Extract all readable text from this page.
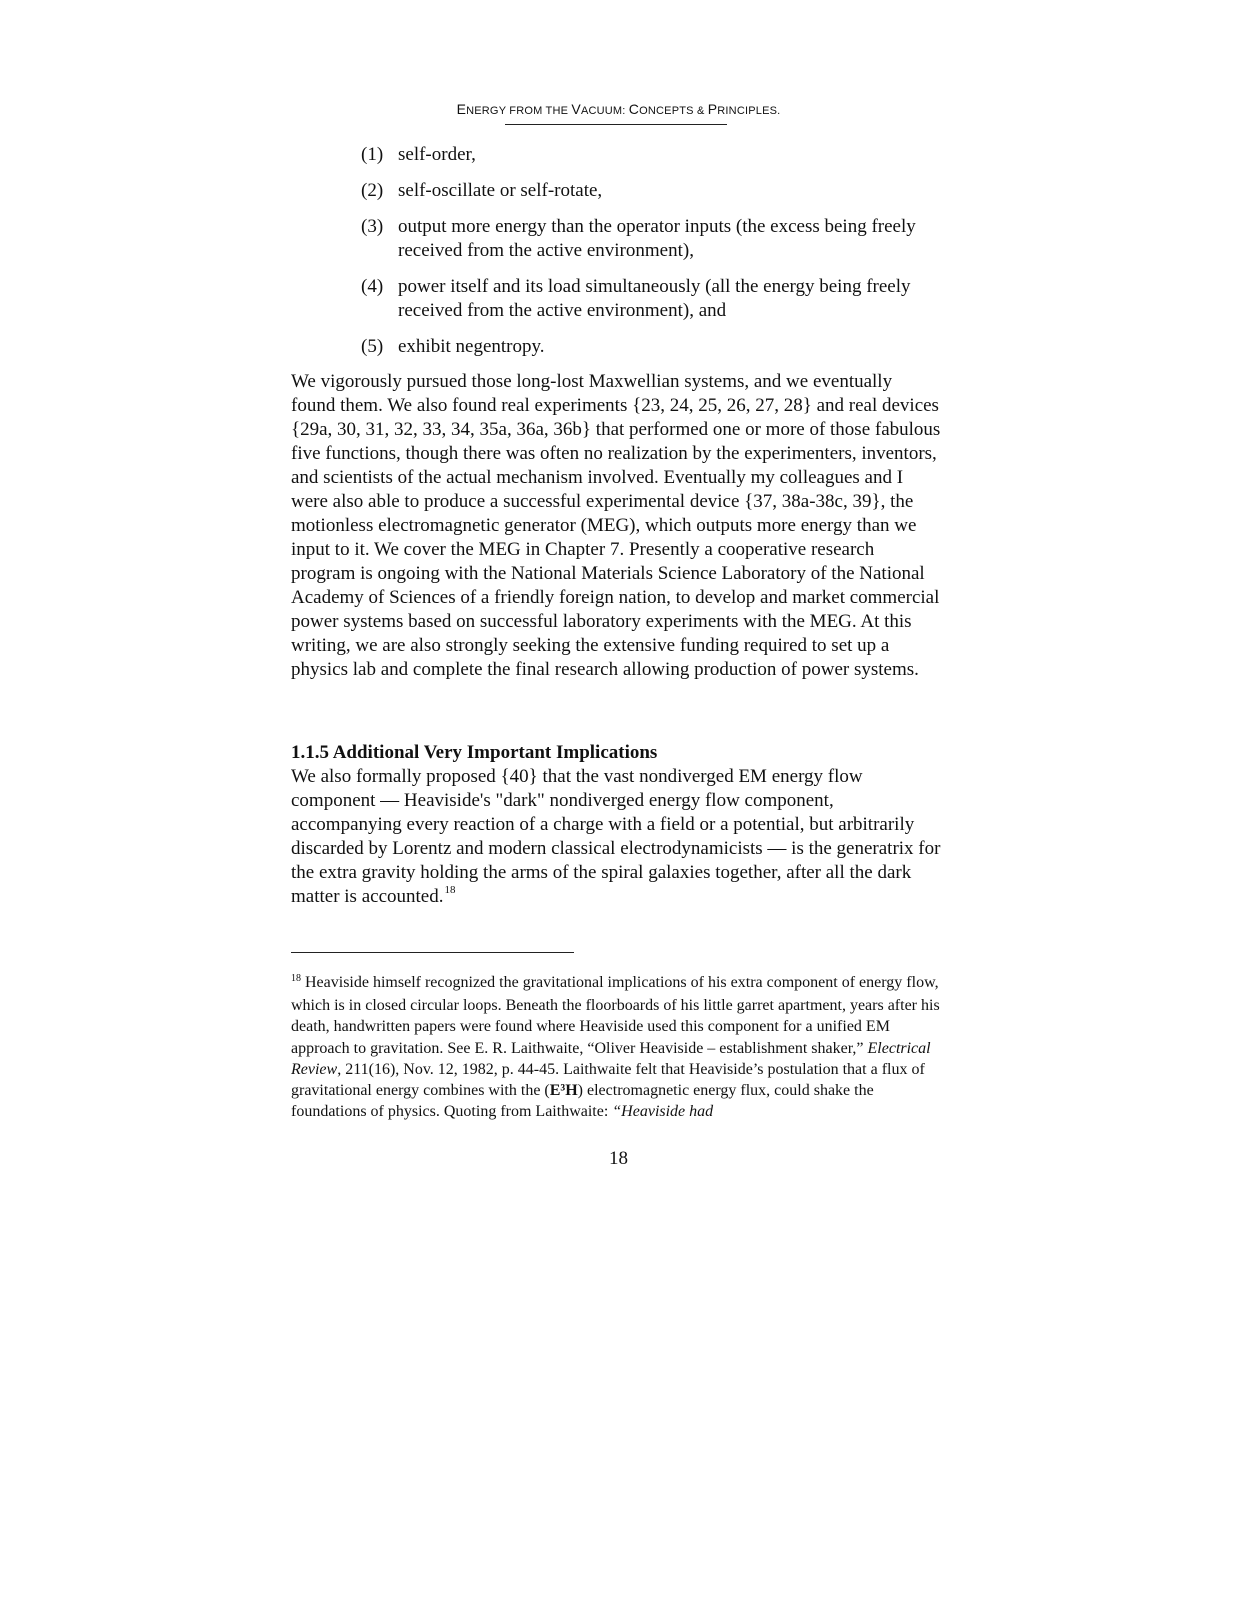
ENERGY FROM THE VACUUM: CONCEPTS & PRINCIPLES.
(1) self-order,
(2) self-oscillate or self-rotate,
(3) output more energy than the operator inputs (the excess being freely received from the active environment),
(4) power itself and its load simultaneously (all the energy being freely received from the active environment), and
(5) exhibit negentropy.

We vigorously pursued those long-lost Maxwellian systems, and we eventually found them. We also found real experiments {23, 24, 25, 26, 27, 28} and real devices {29a, 30, 31, 32, 33, 34, 35a, 36a, 36b} that performed one or more of those fabulous five functions, though there was often no realization by the experimenters, inventors, and scientists of the actual mechanism involved. Eventually my colleagues and I were also able to produce a successful experimental device {37, 38a-38c, 39}, the motionless electromagnetic generator (MEG), which outputs more energy than we input to it. We cover the MEG in Chapter 7. Presently a cooperative research program is ongoing with the National Materials Science Laboratory of the National Academy of Sciences of a friendly foreign nation, to develop and market commercial power systems based on successful laboratory experiments with the MEG. At this writing, we are also strongly seeking the extensive funding required to set up a physics lab and complete the final research allowing production of power systems.

1.1.5 Additional Very Important Implications

We also formally proposed {40} that the vast nondiverged EM energy flow component — Heaviside's "dark" nondiverged energy flow component, accompanying every reaction of a charge with a field or a potential, but arbitrarily discarded by Lorentz and modern classical electrodynamicists — is the generatrix for the extra gravity holding the arms of the spiral galaxies together, after all the dark matter is accounted.$^{18}$

$^{18}$ Heaviside himself recognized the gravitational implications of his extra component of energy flow, which is in closed circular loops. Beneath the floorboards of his little garret apartment, years after his death, handwritten papers were found where Heaviside used this component for a unified EM approach to gravitation. See E. R. Laithwaite, “Oliver Heaviside – establishment shaker,” Electrical Review, 211(16), Nov. 12, 1982, p. 44-45. Laithwaite felt that Heaviside’s postulation that a flux of gravitational energy combines with the (E³H) electromagnetic energy flux, could shake the foundations of physics. Quoting from Laithwaite: “Heaviside had

18
